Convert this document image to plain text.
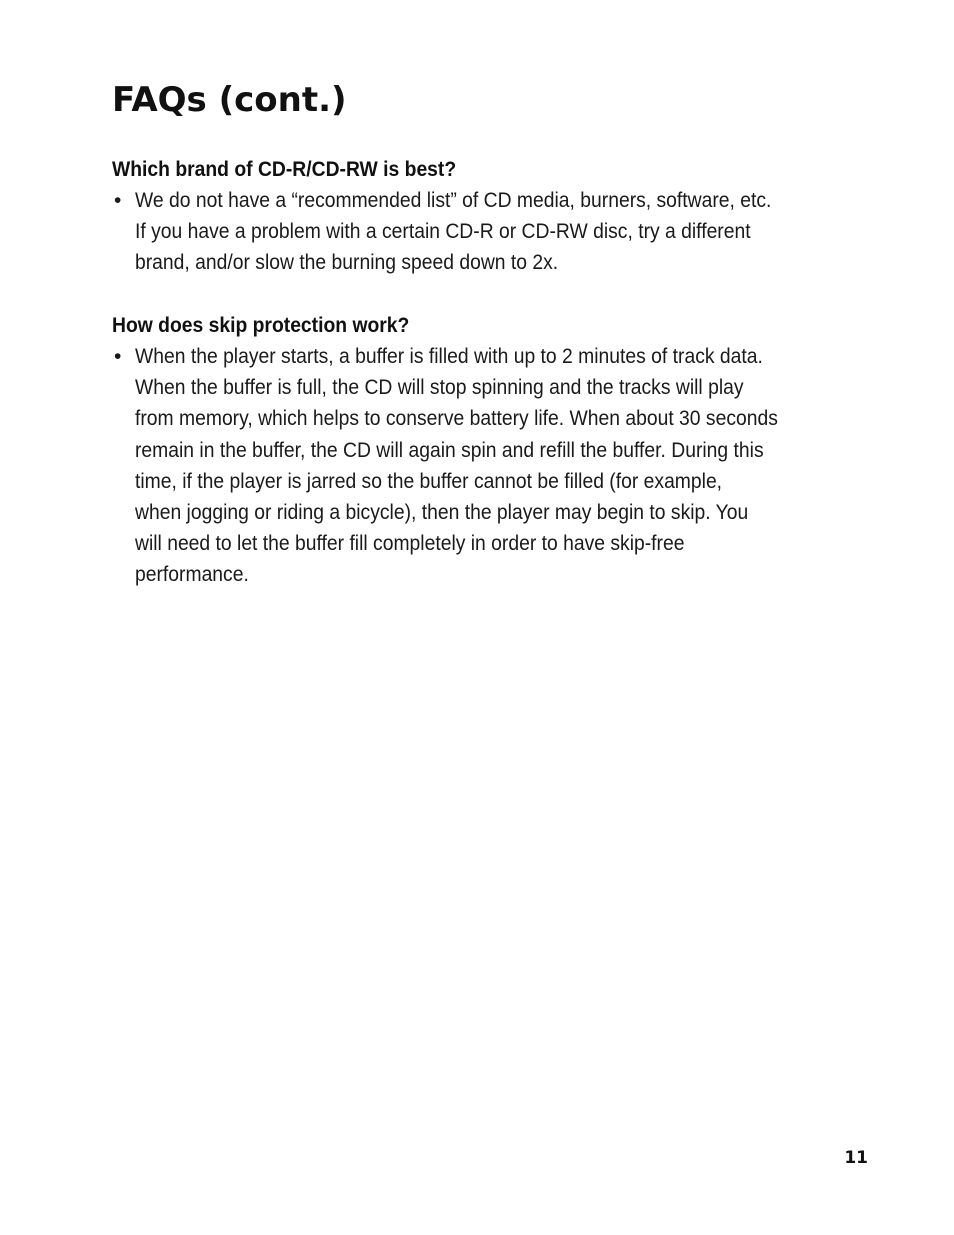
FAQs (cont.)
Which brand of CD-R/CD-RW is best?

• We do not have a “recommended list” of CD media, burners, software, etc.
If you have a problem with a certain CD-R or CD-RW disc, try a different
brand, and/or slow the burning speed down to 2x.

How does skip protection work?

• When the player starts, a buffer is filled with up to 2 minutes of track data.
When the buffer is full, the CD will stop spinning and the tracks will play
from memory, which helps to conserve battery life. When about 30 seconds
remain in the buffer, the CD will again spin and refill the buffer. During this
time, if the player is jarred so the buffer cannot be filled (for example,
when jogging or riding a bicycle), then the player may begin to skip. You
will need to let the buffer fill completely in order to have skip-free
performance.

11
